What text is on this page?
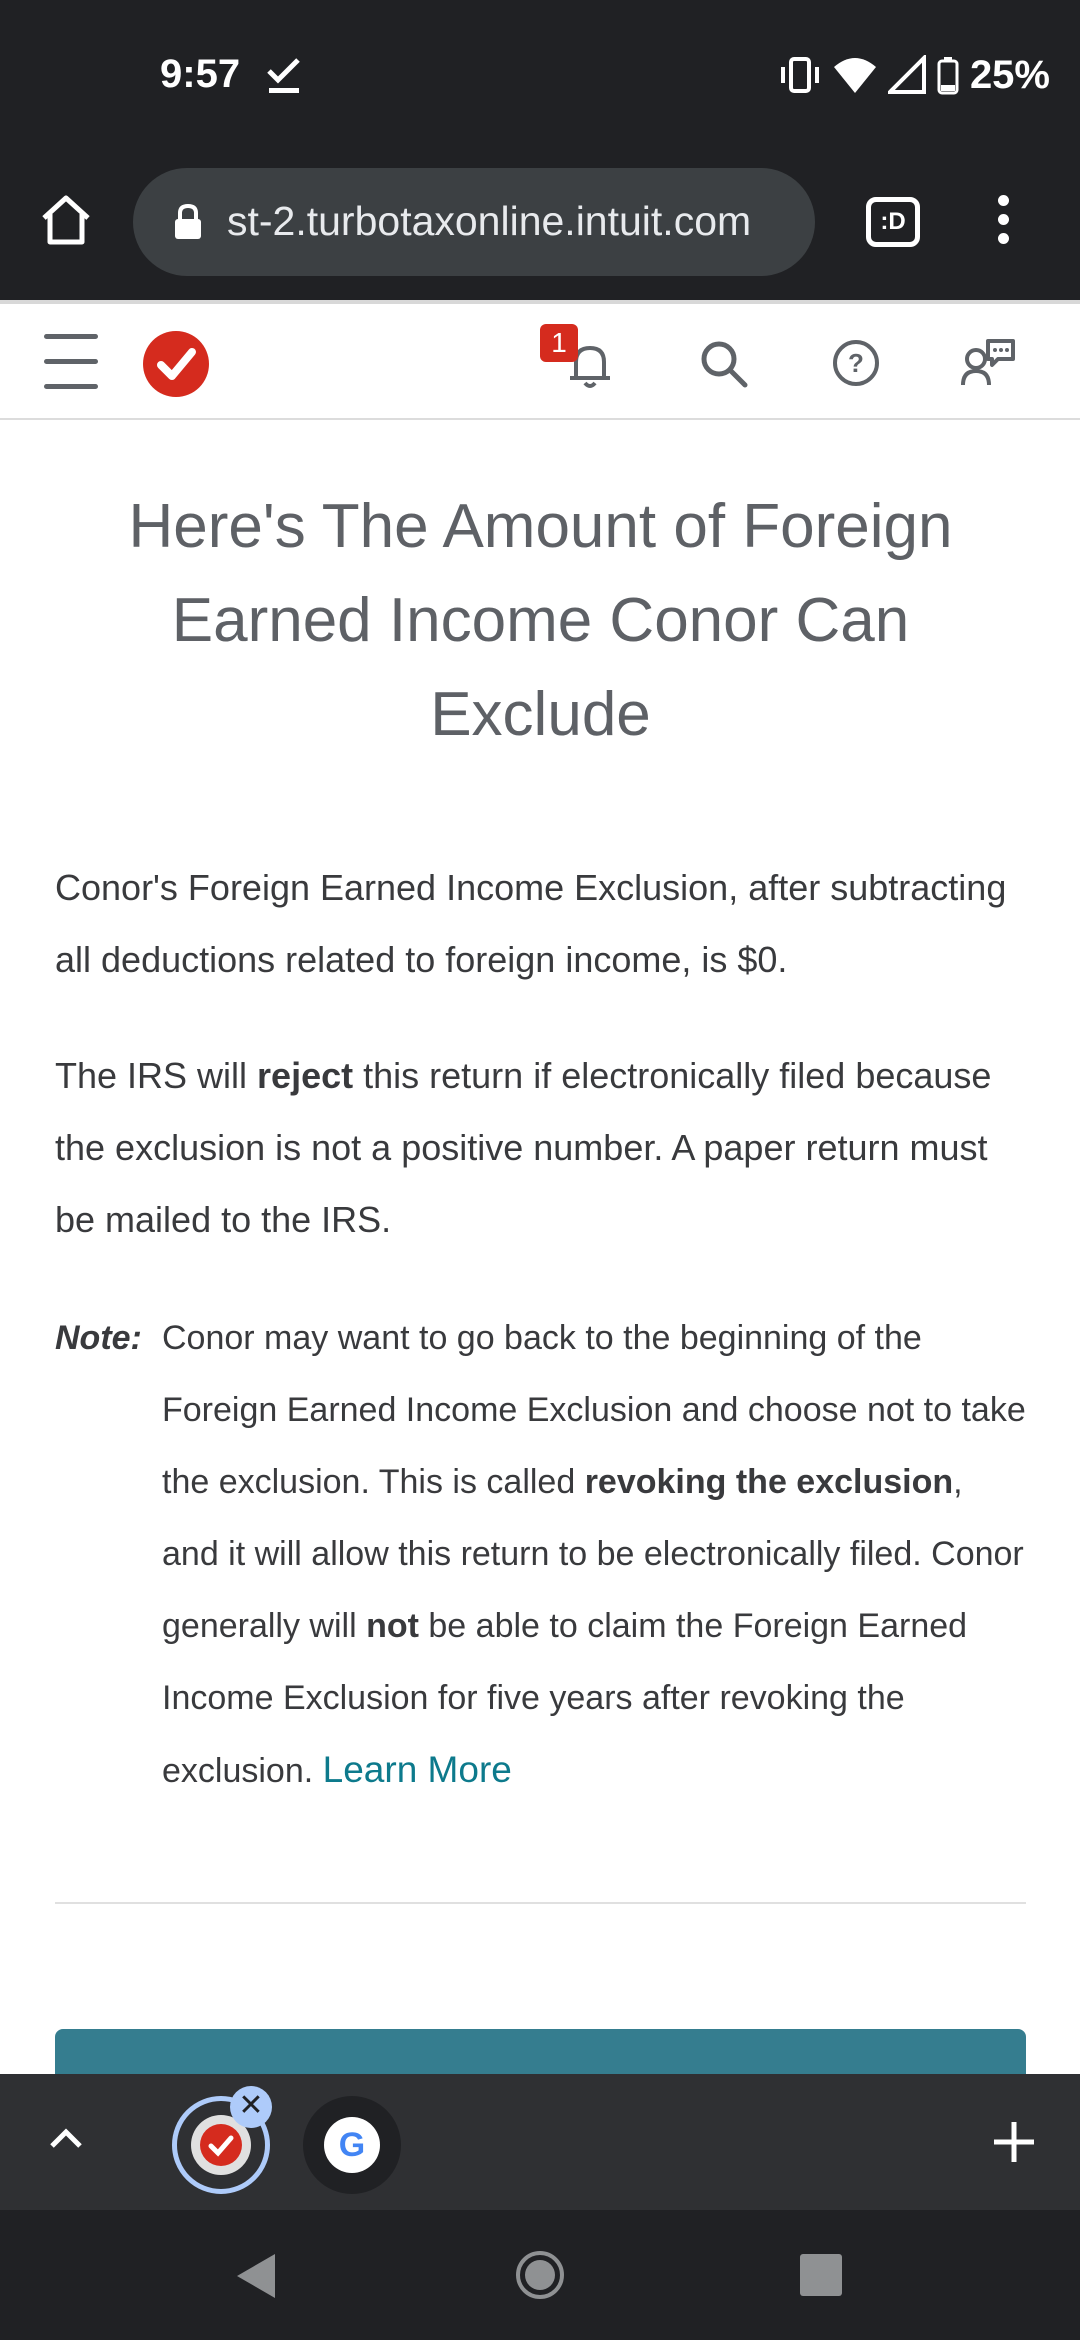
9:57	25%
st-2.turbotaxonline.intuit.com	:D
1
?
Here's The Amount of Foreign Earned Income Conor Can Exclude

Conor's Foreign Earned Income Exclusion, after subtracting all deductions related to foreign income, is $0.

The IRS will reject this return if electronically filed because the exclusion is not a positive number. A paper return must be mailed to the IRS.

Note: Conor may want to go back to the beginning of the Foreign Earned Income Exclusion and choose not to take the exclusion. This is called revoking the exclusion, and it will allow this return to be electronically filed. Conor generally will not be able to claim the Foreign Earned Income Exclusion for five years after revoking the exclusion. Learn More
✕
G
